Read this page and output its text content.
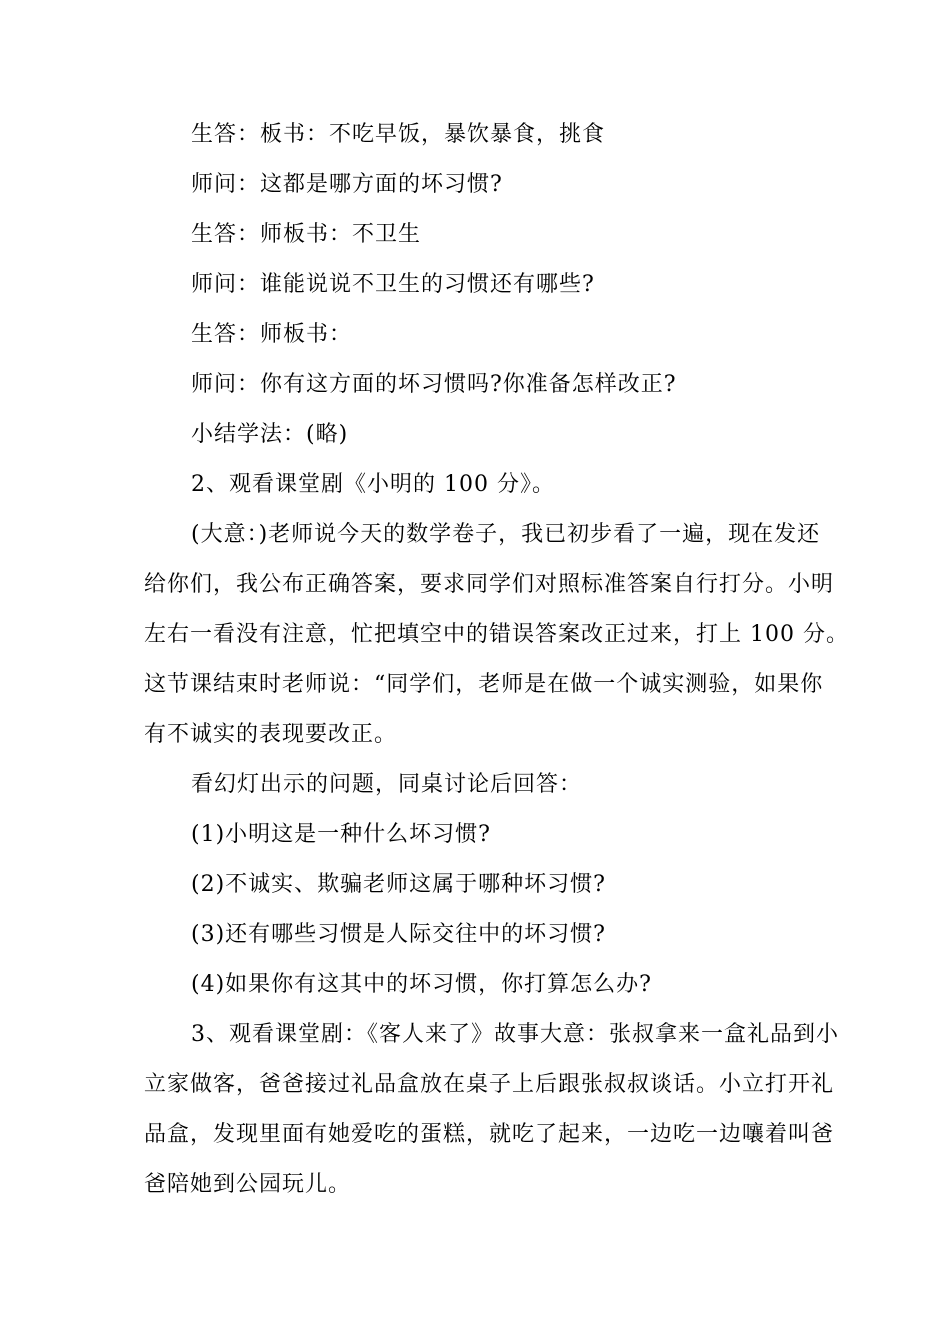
生答：板书：不吃早饭，暴饮暴食，挑食
师问：这都是哪方面的坏习惯?
生答：师板书：不卫生
师问：谁能说说不卫生的习惯还有哪些?
生答：师板书：
师问：你有这方面的坏习惯吗?你准备怎样改正?
小结学法：(略)
2、观看课堂剧《小明的 100 分》。
(大意：)老师说今天的数学卷子，我已初步看了一遍，现在发还
给你们，我公布正确答案，要求同学们对照标准答案自行打分。小明
左右一看没有注意，忙把填空中的错误答案改正过来，打上 100 分。
这节课结束时老师说：“同学们，老师是在做一个诚实测验，如果你
有不诚实的表现要改正。
看幻灯出示的问题，同桌讨论后回答：
(1)小明这是一种什么坏习惯?
(2)不诚实、欺骗老师这属于哪种坏习惯?
(3)还有哪些习惯是人际交往中的坏习惯?
(4)如果你有这其中的坏习惯，你打算怎么办?
3、观看课堂剧：《客人来了》故事大意：张叔拿来一盒礼品到小
立家做客，爸爸接过礼品盒放在桌子上后跟张叔叔谈话。小立打开礼
品盒，发现里面有她爱吃的蛋糕，就吃了起来，一边吃一边嚷着叫爸
爸陪她到公园玩儿。
